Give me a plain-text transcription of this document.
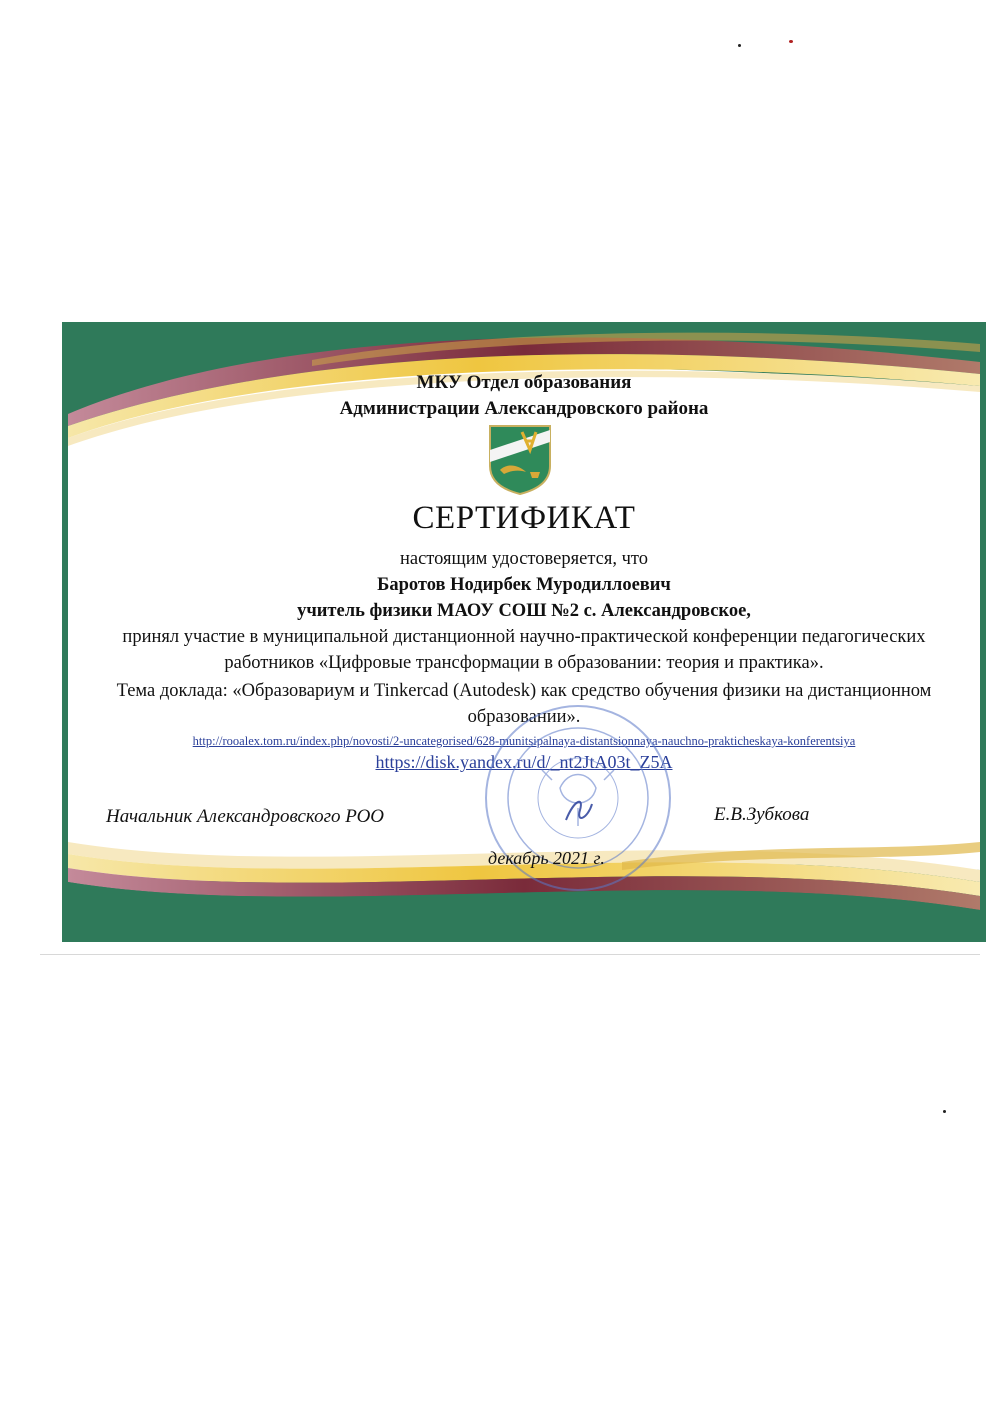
МКУ Отдел образования
Администрации Александровского района
СЕРТИФИКАТ
настоящим удостоверяется, что
Баротов Нодирбек Муродиллоевич
учитель физики МАОУ СОШ №2 с. Александровское,
принял участие в муниципальной дистанционной научно-практической конференции педагогических
работников «Цифровые трансформации в образовании: теория и практика».
Тема доклада: «Образовариум и Tinkercad (Autodesk) как средство обучения физики на дистанционном
образовании».
http://rooalex.tom.ru/index.php/novosti/2-uncategorised/628-munitsipalnaya-distantsionnaya-nauchno-prakticheskaya-konferentsiya
https://disk.yandex.ru/d/_nt2JtA03t_Z5A
Начальник Александровского РОО	Е.В.Зубкова
декабрь 2021 г.
